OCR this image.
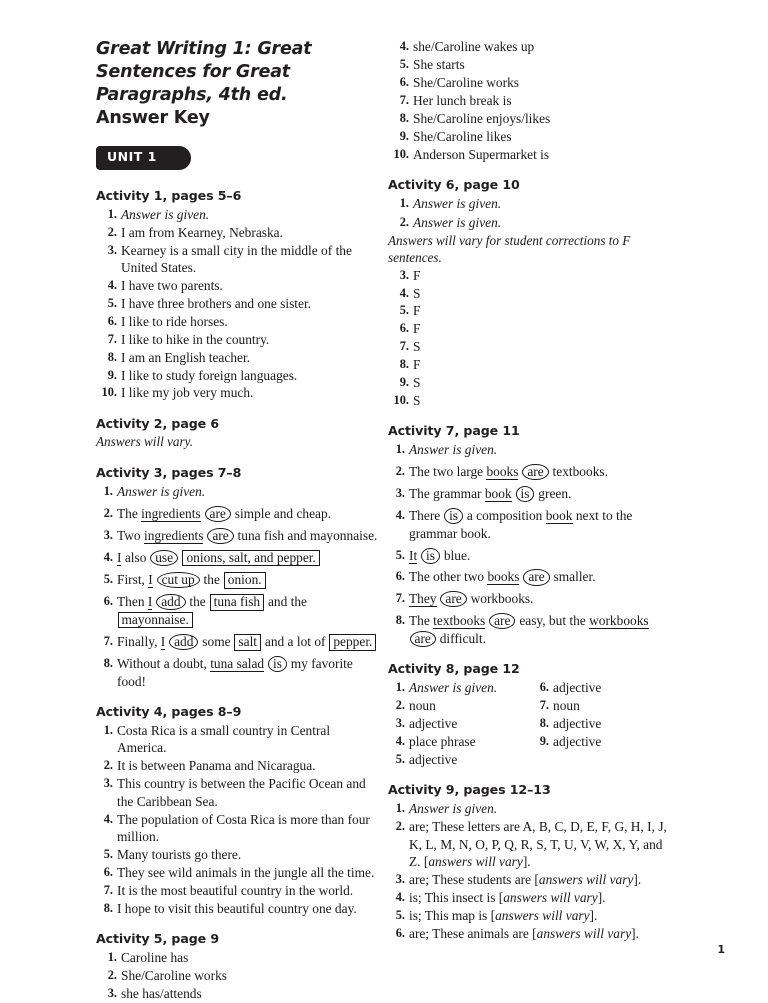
Great Writing 1: Great
Sentences for Great
Paragraphs, 4th ed.
Answer Key
UNIT 1
Activity 1, pages 5–6
1. Answer is given.
2. I am from Kearney, Nebraska.
3. Kearney is a small city in the middle of the United States.
4. I have two parents.
5. I have three brothers and one sister.
6. I like to ride horses.
7. I like to hike in the country.
8. I am an English teacher.
9. I like to study foreign languages.
10. I like my job very much.
Activity 2, page 6

Answers will vary.

Activity 3, pages 7–8
1. Answer is given.
2. The ingredients are simple and cheap.
3. Two ingredients are tuna fish and mayonnaise.
4. I also use onions, salt, and pepper.
5. First, I cut up the onion.
6. Then I add the tuna fish and the mayonnaise.
7. Finally, I add some salt and a lot of pepper.
8. Without a doubt, tuna salad is my favorite food!
Activity 4, pages 8–9
1. Costa Rica is a small country in Central America.
2. It is between Panama and Nicaragua.
3. This country is between the Pacific Ocean and the Caribbean Sea.
4. The population of Costa Rica is more than four million.
5. Many tourists go there.
6. They see wild animals in the jungle all the time.
7. It is the most beautiful country in the world.
8. I hope to visit this beautiful country one day.
Activity 5, page 9
1. Caroline has
2. She/Caroline works
3. she has/attends
4. she/Caroline wakes up
5. She starts
6. She/Caroline works
7. Her lunch break is
8. She/Caroline enjoys/likes
9. She/Caroline likes
10. Anderson Supermarket is
Activity 6, page 10
1. Answer is given.
2. Answer is given.

Answers will vary for student corrections to F sentences.

3. F
4. S
5. F
6. F
7. S
8. F
9. S
10. S
Activity 7, page 11
1. Answer is given.
2. The two large books are textbooks.
3. The grammar book is green.
4. There is a composition book next to the grammar book.
5. It is blue.
6. The other two books are smaller.
7. They are workbooks.
8. The textbooks are easy, but the workbooks are difficult.
Activity 8, page 12
1. Answer is given.
2. noun
3. adjective
4. place phrase
5. adjective
6. adjective
7. noun
8. adjective
9. adjective
Activity 9, pages 12–13
1. Answer is given.
2. are; These letters are A, B, C, D, E, F, G, H, I, J, K, L, M, N, O, P, Q, R, S, T, U, V, W, X, Y, and Z. [answers will vary].
3. are; These students are [answers will vary].
4. is; This insect is [answers will vary].
5. is; This map is [answers will vary].
6. are; These animals are [answers will vary].
1
